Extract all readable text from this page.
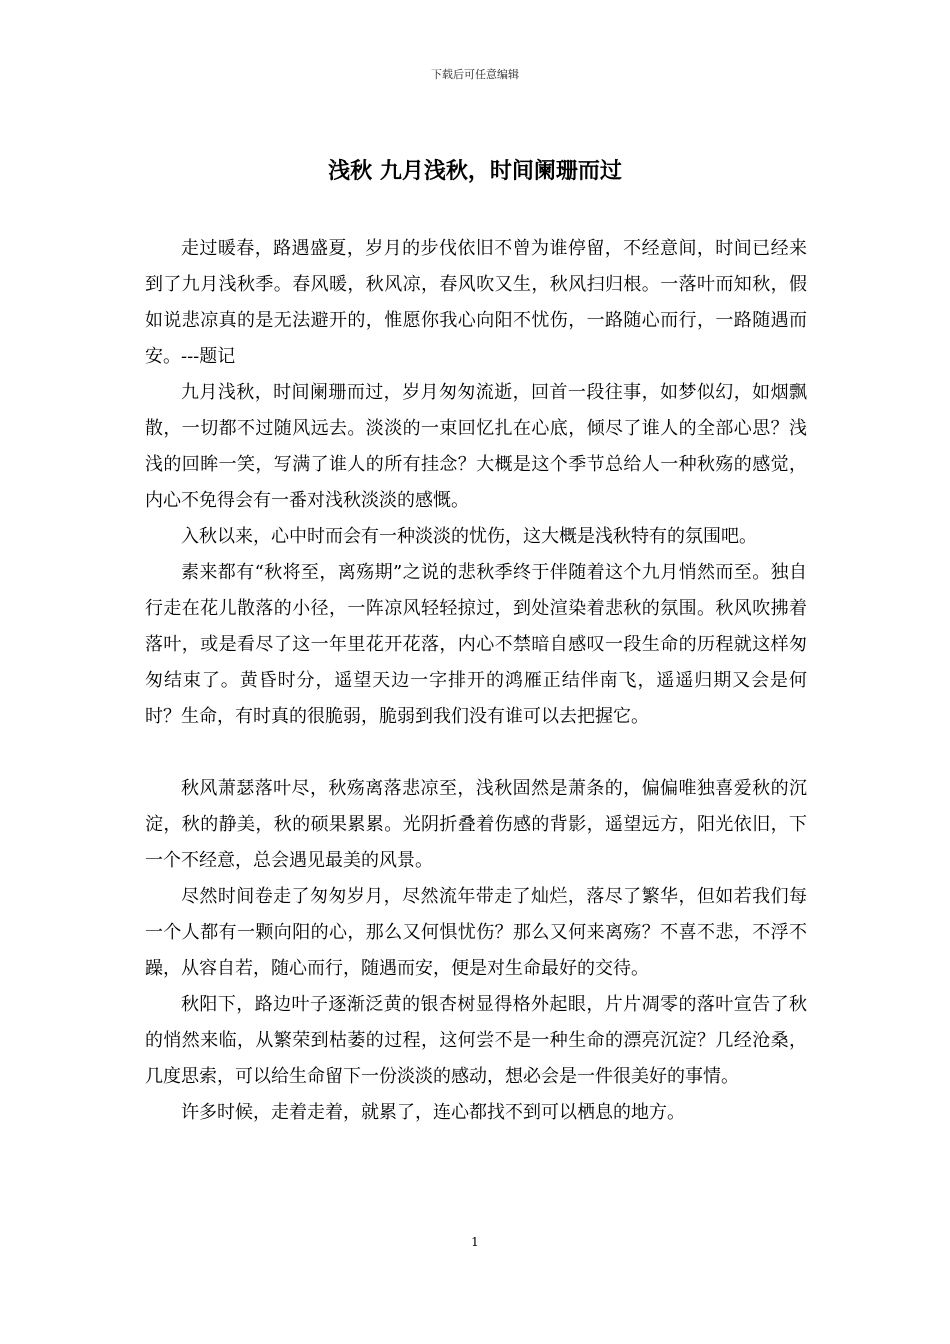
下载后可任意编辑
浅秋 九月浅秋，时间阑珊而过

走过暖春，路遇盛夏，岁月的步伐依旧不曾为谁停留，不经意间，时间已经来到了九月浅秋季。春风暖，秋风凉，春风吹又生，秋风扫归根。一落叶而知秋，假如说悲凉真的是无法避开的，惟愿你我心向阳不忧伤，一路随心而行，一路随遇而安。---题记

九月浅秋，时间阑珊而过，岁月匆匆流逝，回首一段往事，如梦似幻，如烟飘散，一切都不过随风远去。淡淡的一束回忆扎在心底，倾尽了谁人的全部心思？浅浅的回眸一笑，写满了谁人的所有挂念？大概是这个季节总给人一种秋殇的感觉，内心不免得会有一番对浅秋淡淡的感慨。

入秋以来，心中时而会有一种淡淡的忧伤，这大概是浅秋特有的氛围吧。

素来都有“秋将至，离殇期”之说的悲秋季终于伴随着这个九月悄然而至。独自行走在花儿散落的小径，一阵凉风轻轻掠过，到处渲染着悲秋的氛围。秋风吹拂着落叶，或是看尽了这一年里花开花落，内心不禁暗自感叹一段生命的历程就这样匆匆结束了。黄昏时分，遥望天边一字排开的鸿雁正结伴南飞，遥遥归期又会是何时？生命，有时真的很脆弱，脆弱到我们没有谁可以去把握它。

秋风萧瑟落叶尽，秋殇离落悲凉至，浅秋固然是萧条的，偏偏唯独喜爱秋的沉淀，秋的静美，秋的硕果累累。光阴折叠着伤感的背影，遥望远方，阳光依旧，下一个不经意，总会遇见最美的风景。

尽然时间卷走了匆匆岁月，尽然流年带走了灿烂，落尽了繁华，但如若我们每一个人都有一颗向阳的心，那么又何惧忧伤？那么又何来离殇？不喜不悲，不浮不躁，从容自若，随心而行，随遇而安，便是对生命最好的交待。

秋阳下，路边叶子逐渐泛黄的银杏树显得格外起眼，片片凋零的落叶宣告了秋的悄然来临，从繁荣到枯萎的过程，这何尝不是一种生命的漂亮沉淀？几经沧桑，几度思索，可以给生命留下一份淡淡的感动，想必会是一件很美好的事情。

许多时候，走着走着，就累了，连心都找不到可以栖息的地方。

1
